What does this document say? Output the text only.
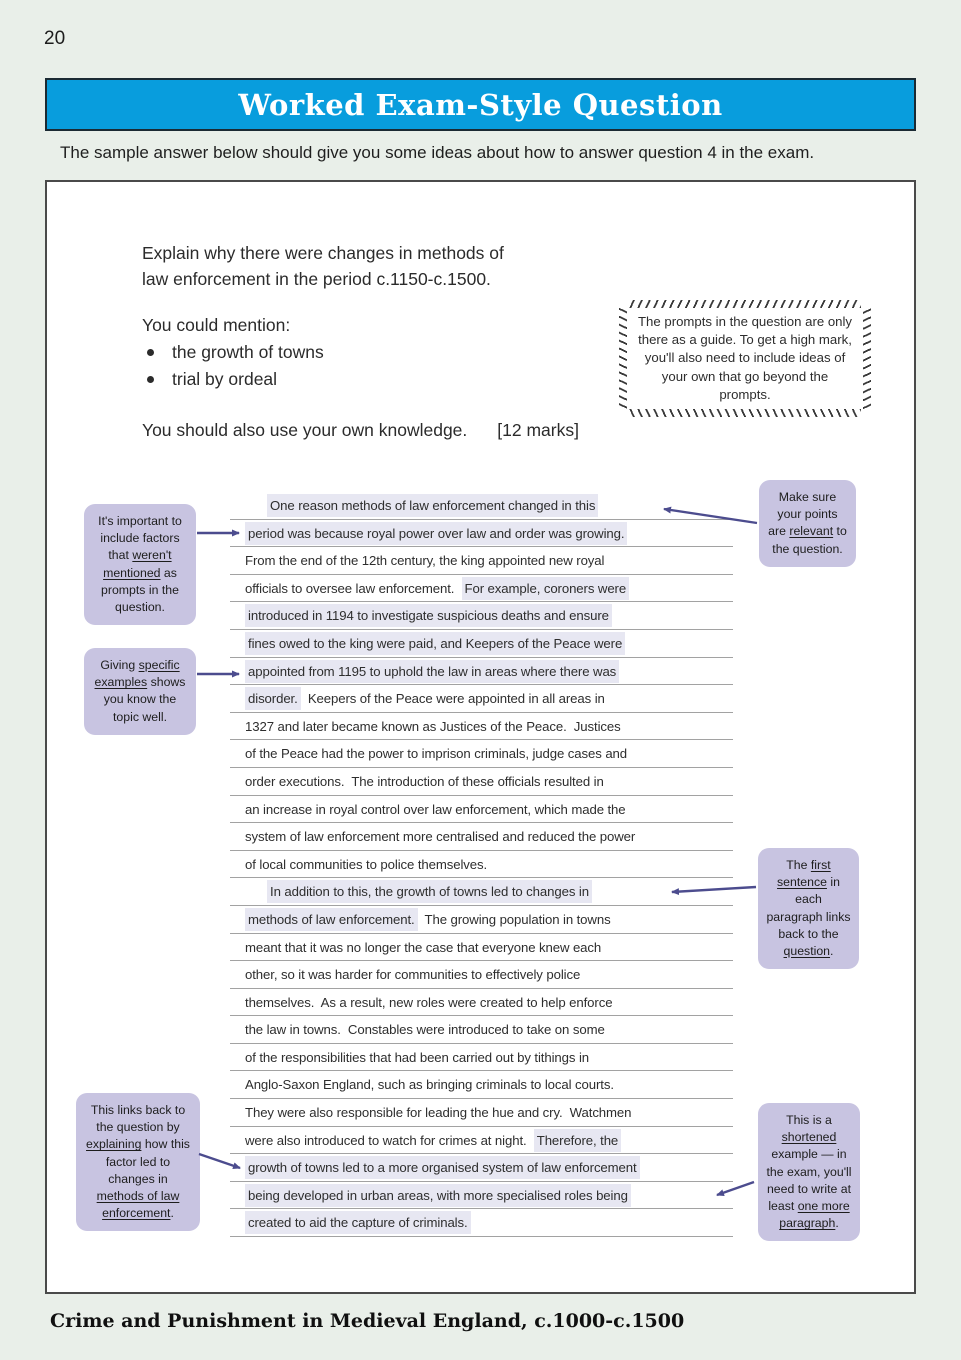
20
Worked Exam-Style Question
The sample answer below should give you some ideas about how to answer question 4 in the exam.
Explain why there were changes in methods of
law enforcement in the period c.1150-c.1500.
You could mention:
the growth of towns
trial by ordeal
The prompts in the question are only there as a guide. To get a high mark, you'll also need to include ideas of your own that go beyond the prompts.
You should also use your own knowledge. [12 marks]
One reason methods of law enforcement changed in this
period was because royal power over law and order was growing.
From the end of the 12th century, the king appointed new royal
officials to oversee law enforcement.  For example, coroners were
introduced in 1194 to investigate suspicious deaths and ensure
fines owed to the king were paid, and Keepers of the Peace were
appointed from 1195 to uphold the law in areas where there was
disorder.  Keepers of the Peace were appointed in all areas in
1327 and later became known as Justices of the Peace.  Justices
of the Peace had the power to imprison criminals, judge cases and
order executions.  The introduction of these officials resulted in
an increase in royal control over law enforcement, which made the
system of law enforcement more centralised and reduced the power
of local communities to police themselves.
In addition to this, the growth of towns led to changes in
methods of law enforcement.  The growing population in towns
meant that it was no longer the case that everyone knew each
other, so it was harder for communities to effectively police
themselves.  As a result, new roles were created to help enforce
the law in towns.  Constables were introduced to take on some
of the responsibilities that had been carried out by tithings in
Anglo-Saxon England, such as bringing criminals to local courts.
They were also responsible for leading the hue and cry.  Watchmen
were also introduced to watch for crimes at night.  Therefore, the
growth of towns led to a more organised system of law enforcement
being developed in urban areas, with more specialised roles being
created to aid the capture of criminals.
It's important to include factors that weren't mentioned as prompts in the question.
Giving specific examples shows you know the topic well.
This links back to the question by explaining how this factor led to changes in methods of law enforcement.
Make sure your points are relevant to the question.
The first sentence in each paragraph links back to the question.
This is a shortened example — in the exam, you'll need to write at least one more paragraph.
Crime and Punishment in Medieval England, c.1000-c.1500
